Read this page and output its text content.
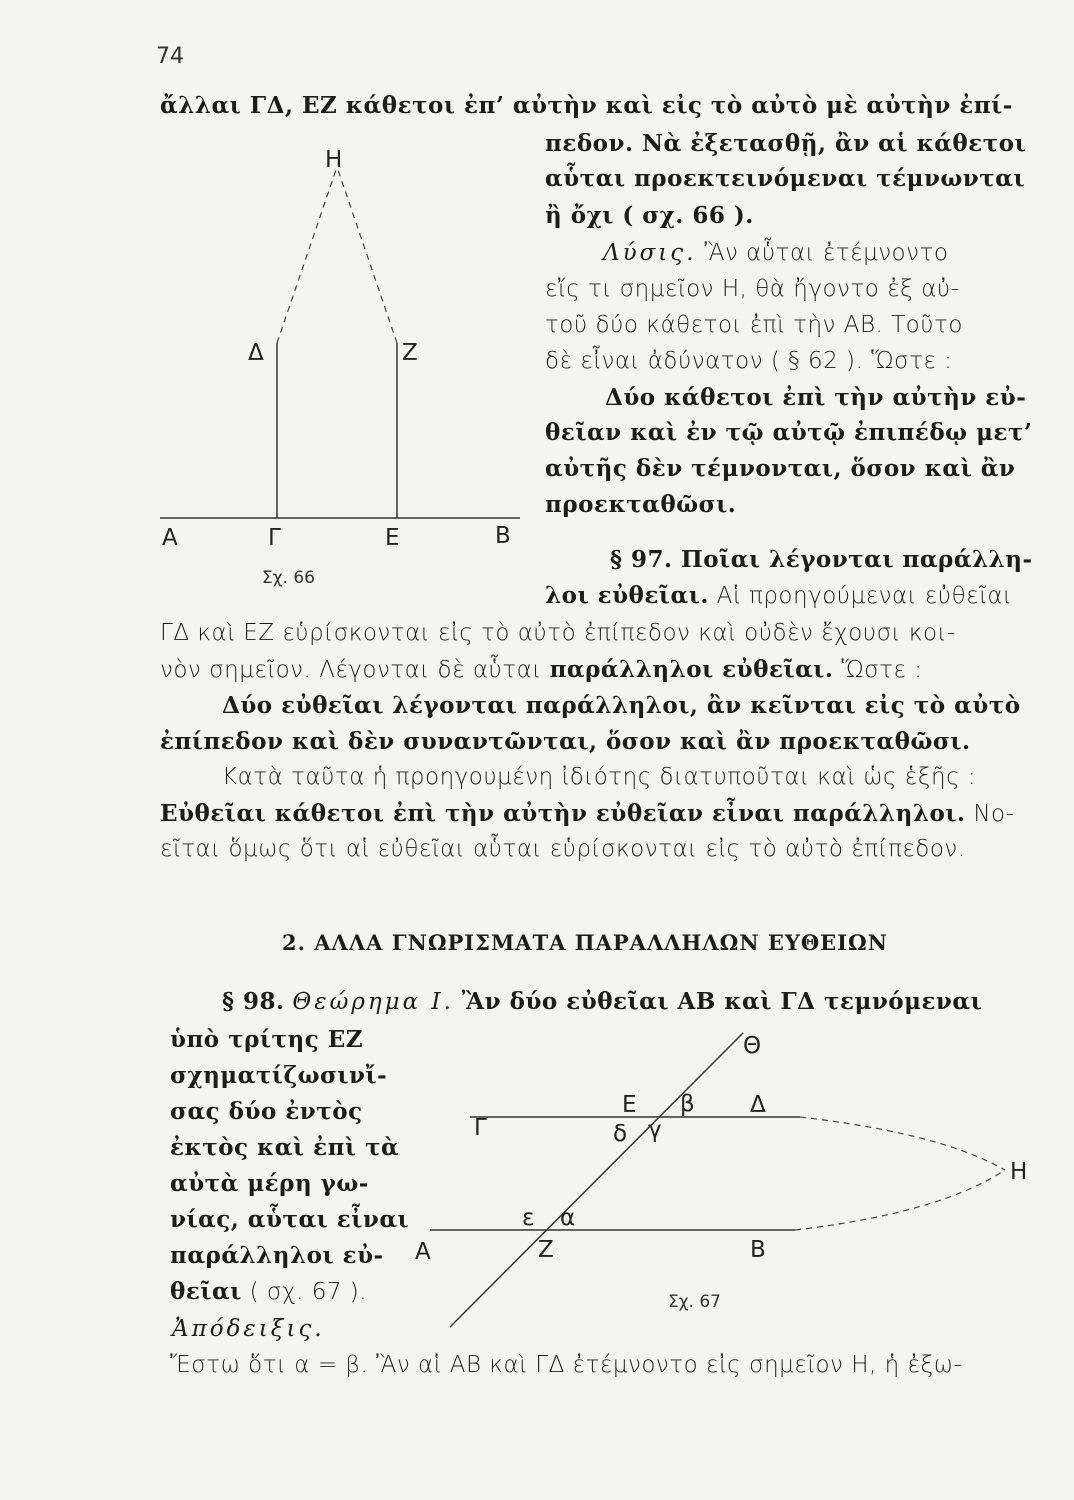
74
ἄλλαι ΓΔ, ΕΖ κάθετοι ἐπ’ αὐτὴν καὶ εἰς τὸ αὐτὸ μὲ αὐτὴν ἐπί-
πεδον. Νὰ ἐξετασθῇ, ἂν αἱ κάθετοι
αὗται προεκτεινόμεναι τέμνωνται
ἢ ὄχι ( σχ. 66 ).
Λύσις. Ἂν αὗται ἐτέμνοντο
εἴς τι σημεῖον Η, θὰ ἤγοντο ἐξ αὐ-
τοῦ δύο κάθετοι ἐπὶ τὴν ΑΒ. Τοῦτο
δὲ εἶναι ἀδύνατον ( § 62 ). Ὥστε :
Δύο κάθετοι ἐπὶ τὴν αὐτὴν εὐ-
θεῖαν καὶ ἐν τῷ αὐτῷ ἐπιπέδῳ μετ’
αὐτῆς δὲν τέμνονται, ὅσον καὶ ἂν
προεκταθῶσι.
Η
Δ	Ζ
Α	Γ	Ε	Β
Σχ. 66
§ 97. Ποῖαι λέγονται παράλλη-
λοι εὐθεῖαι. Αἱ προηγούμεναι εὐθεῖαι
ΓΔ καὶ ΕΖ εὑρίσκονται εἰς τὸ αὐτὸ ἐπίπεδον καὶ οὐδὲν ἔχουσι κοι-
νὸν σημεῖον. Λέγονται δὲ αὗται παράλληλοι εὐθεῖαι. Ὥστε :
Δύο εὐθεῖαι λέγονται παράλληλοι, ἂν κεῖνται εἰς τὸ αὐτὸ
ἐπίπεδον καὶ δὲν συναντῶνται, ὅσον καὶ ἂν προεκταθῶσι.
Κατὰ ταῦτα ἡ προηγουμένη ἰδιότης διατυποῦται καὶ ὡς ἑξῆς :
Εὐθεῖαι κάθετοι ἐπὶ τὴν αὐτὴν εὐθεῖαν εἶναι παράλληλοι. Νο-
εῖται ὅμως ὅτι αἱ εὐθεῖαι αὗται εὑρίσκονται εἰς τὸ αὐτὸ ἐπίπεδον.
2. ΑΛΛΑ ΓΝΩΡΙΣΜΑΤΑ ΠΑΡΑΛΛΗΛΩΝ ΕΥΘΕΙΩΝ
§ 98. Θεώρημα Ι. Ἂν δύο εὐθεῖαι ΑΒ καὶ ΓΔ τεμνόμεναι
ὑπὸ τρίτης ΕΖ
σχηματίζωσινἴ-
σας δύο ἐντὸς
ἐκτὸς καὶ ἐπὶ τὰ
αὐτὰ μέρη γω-
νίας, αὗται εἶναι
παράλληλοι εὐ-
θεῖαι ( σχ. 67 ).
Ἀπόδειξις.
Ἔστω ὅτι α = β. Ἂν αἱ ΑΒ καὶ ΓΔ ἐτέμνοντο εἰς σημεῖον Η, ἡ ἐξω-
Θ
Γ
Ε β Δ
δ γ
Η
ε α
Α	Ζ	Β
Σχ. 67
